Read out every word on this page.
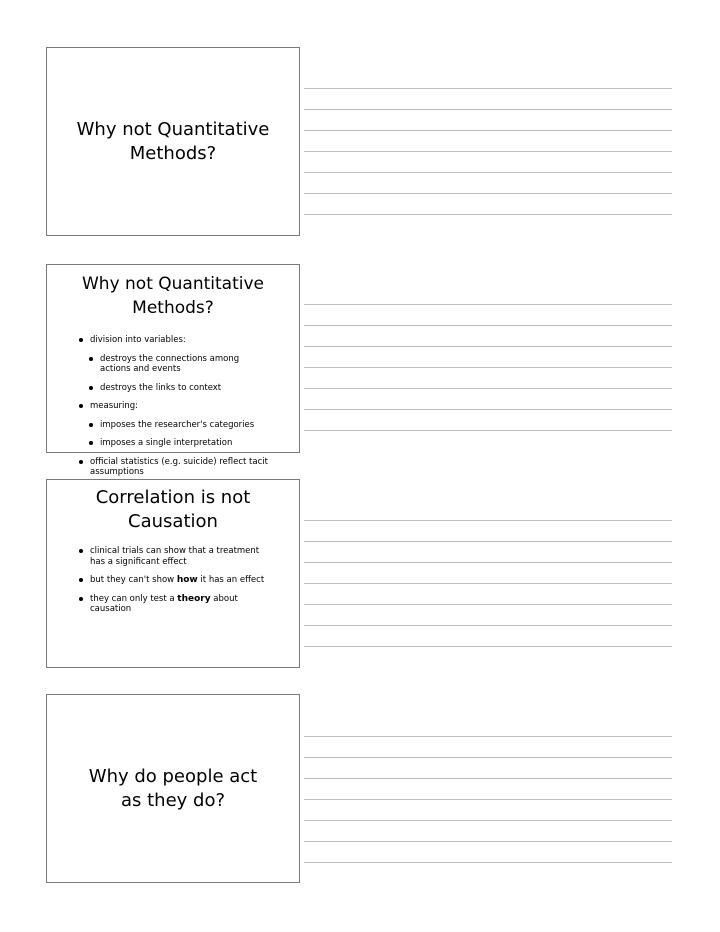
Why not Quantitative Methods?
Why not Quantitative Methods?
division into variables:
destroys the connections among actions and events
destroys the links to context
measuring:
imposes the researcher's categories
imposes a single interpretation
official statistics (e.g. suicide) reflect tacit assumptions
Correlation is not Causation
clinical trials can show that a treatment has a significant effect
but they can't show how it has an effect
they can only test a theory about causation
Why do people act as they do?
